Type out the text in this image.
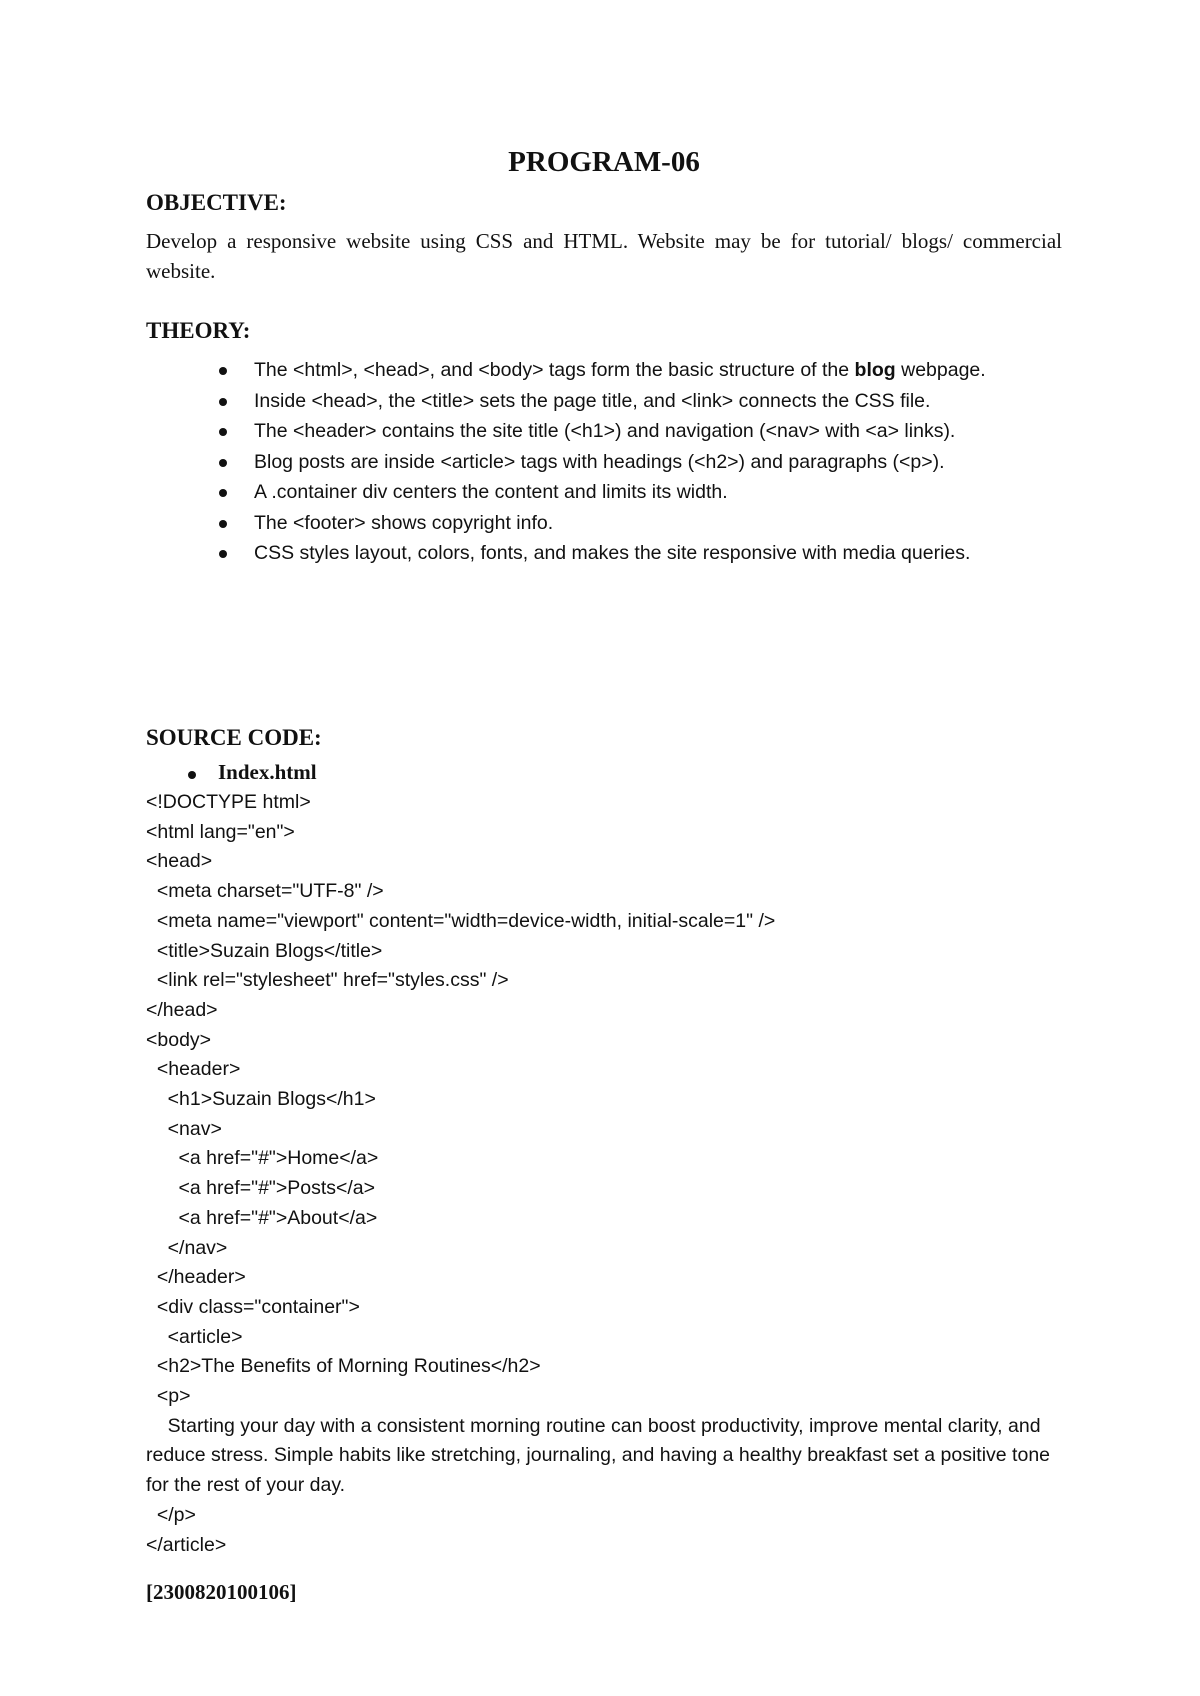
PROGRAM-06
OBJECTIVE:

Develop a responsive website using CSS and HTML. Website may be for tutorial/ blogs/ commercial website.

THEORY:
The <html>, <head>, and <body> tags form the basic structure of the blog webpage.
Inside <head>, the <title> sets the page title, and <link> connects the CSS file.
The <header> contains the site title (<h1>) and navigation (<nav> with <a> links).
Blog posts are inside <article> tags with headings (<h2>) and paragraphs (<p>).
A .container div centers the content and limits its width.
The <footer> shows copyright info.
CSS styles layout, colors, fonts, and makes the site responsive with media queries.
SOURCE CODE:
Index.html
<!DOCTYPE html>
<html lang="en">
<head>
<meta charset="UTF-8" />
<meta name="viewport" content="width=device-width, initial-scale=1" />
<title>Suzain Blogs</title>
<link rel="stylesheet" href="styles.css" />
</head>
<body>
<header>
<h1>Suzain Blogs</h1>
<nav>
<a href="#">Home</a>
<a href="#">Posts</a>
<a href="#">About</a>
</nav>
</header>
<div class="container">
<article>
<h2>The Benefits of Morning Routines</h2>
<p>
Starting your day with a consistent morning routine can boost productivity, improve mental clarity, and reduce stress. Simple habits like stretching, journaling, and having a healthy breakfast set a positive tone for the rest of your day.
</p>
</article>
[2300820100106]
